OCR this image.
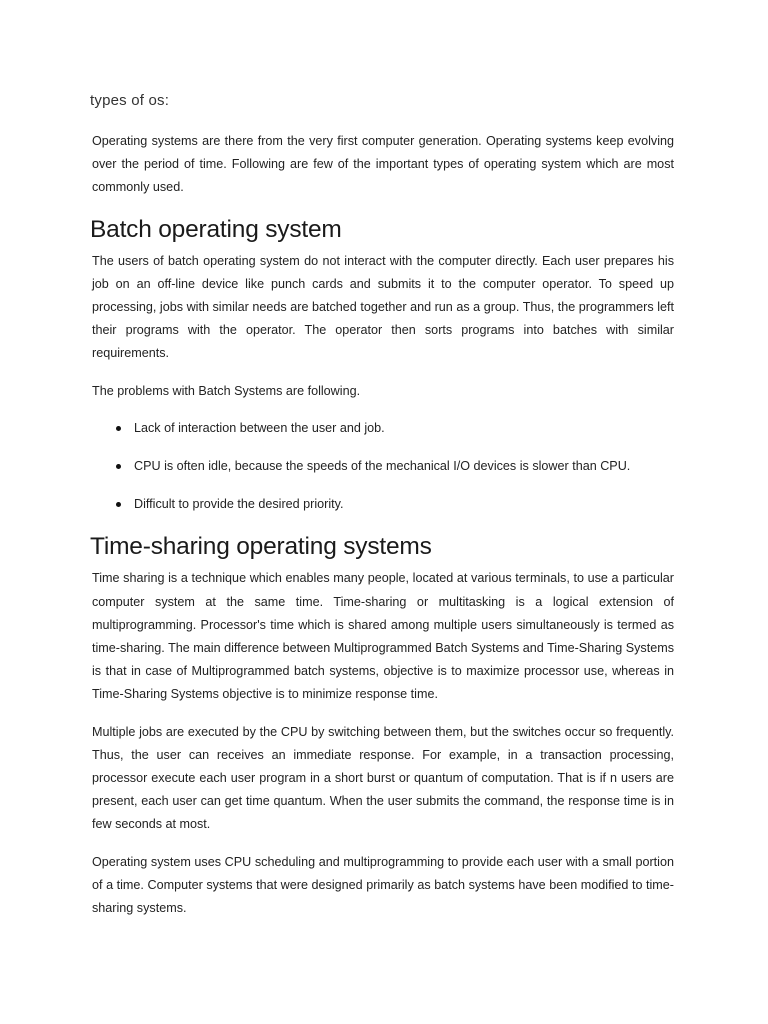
types of os:

Operating systems are there from the very first computer generation. Operating systems keep evolving over the period of time. Following are few of the important types of operating system which are most commonly used.

Batch operating system

The users of batch operating system do not interact with the computer directly. Each user prepares his job on an off-line device like punch cards and submits it to the computer operator. To speed up processing, jobs with similar needs are batched together and run as a group. Thus, the programmers left their programs with the operator. The operator then sorts programs into batches with similar requirements.

The problems with Batch Systems are following.

Lack of interaction between the user and job.
CPU is often idle, because the speeds of the mechanical I/O devices is slower than CPU.
Difficult to provide the desired priority.
Time-sharing operating systems

Time sharing is a technique which enables many people, located at various terminals, to use a particular computer system at the same time. Time-sharing or multitasking is a logical extension of multiprogramming. Processor's time which is shared among multiple users simultaneously is termed as time-sharing. The main difference between Multiprogrammed Batch Systems and Time-Sharing Systems is that in case of Multiprogrammed batch systems, objective is to maximize processor use, whereas in Time-Sharing Systems objective is to minimize response time.

Multiple jobs are executed by the CPU by switching between them, but the switches occur so frequently. Thus, the user can receives an immediate response. For example, in a transaction processing, processor execute each user program in a short burst or quantum of computation. That is if n users are present, each user can get time quantum. When the user submits the command, the response time is in few seconds at most.

Operating system uses CPU scheduling and multiprogramming to provide each user with a small portion of a time. Computer systems that were designed primarily as batch systems have been modified to time-sharing systems.
